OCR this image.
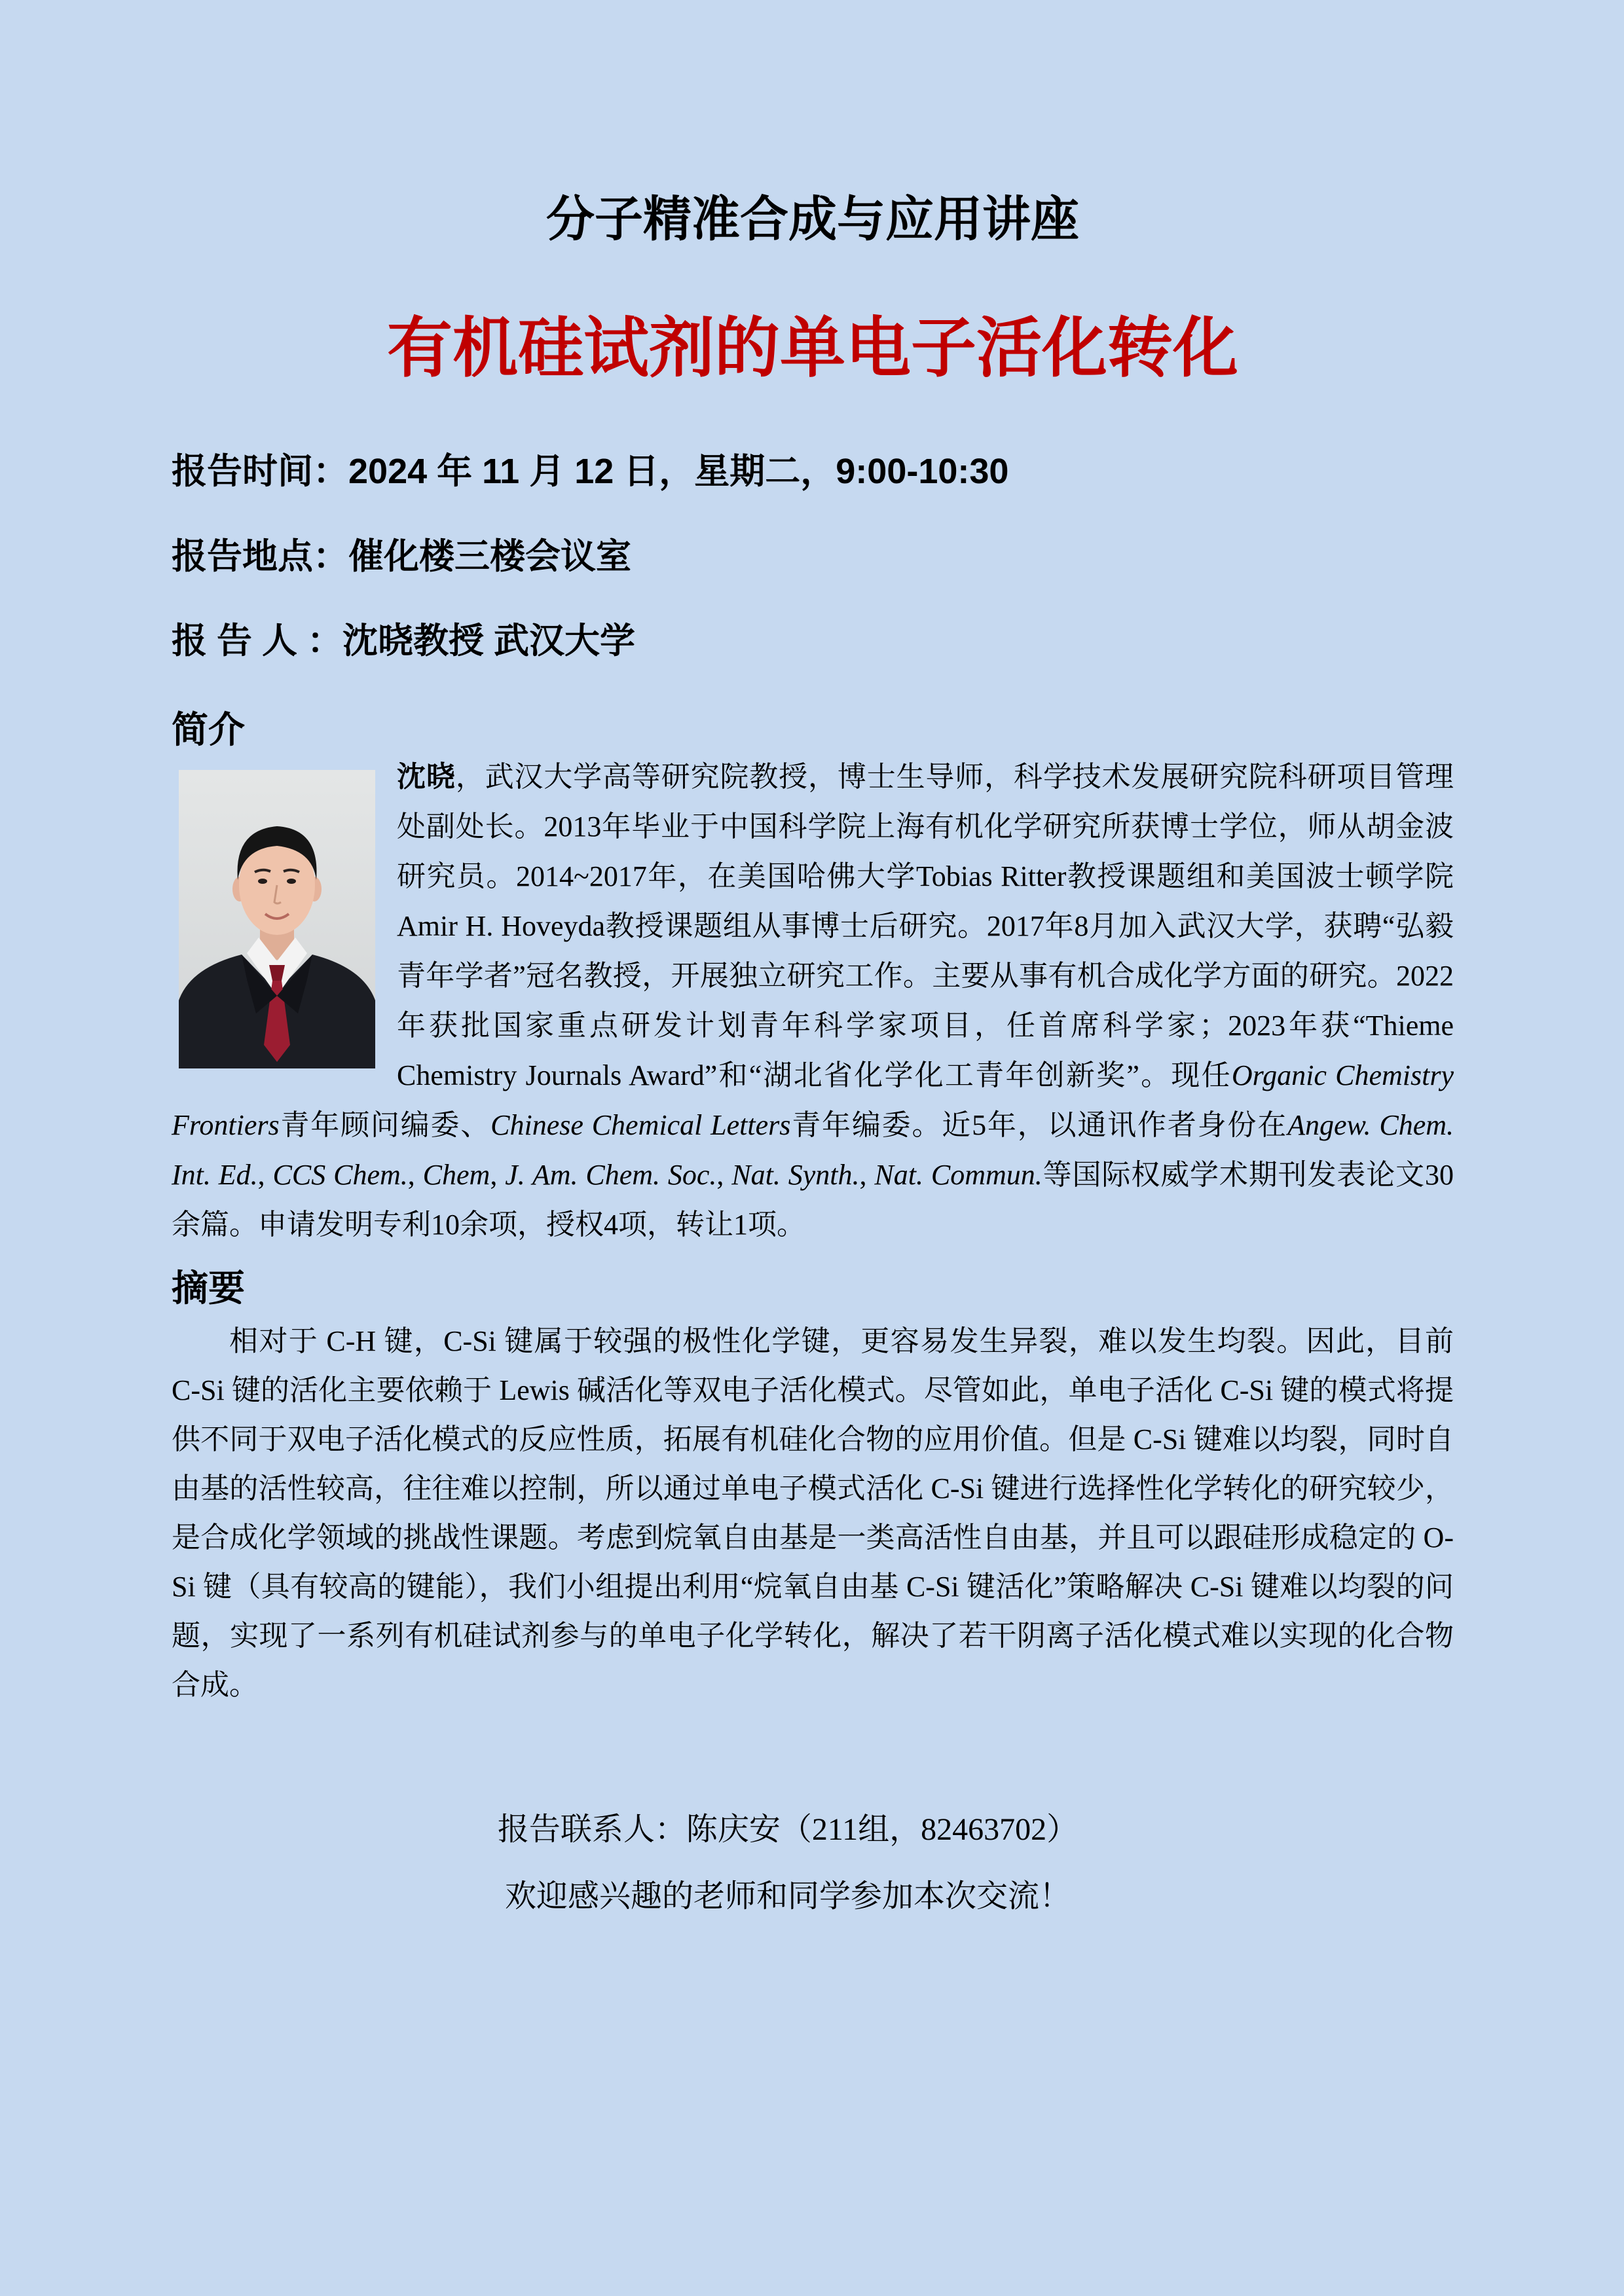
分子精准合成与应用讲座
有机硅试剂的单电子活化转化

报告时间：2024 年 11 月 12 日，星期二，9:00-10:30

报告地点：催化楼三楼会议室

报 告 人 ：沈晓教授 武汉大学

简介
沈晓，武汉大学高等研究院教授，博士生导师，科学技术发展研究院科研项目管理处副处长。2013年毕业于中国科学院上海有机化学研究所获博士学位，师从胡金波研究员。2014~2017年，在美国哈佛大学Tobias Ritter教授课题组和美国波士顿学院Amir H. Hoveyda教授课题组从事博士后研究。2017年8月加入武汉大学，获聘“弘毅青年学者”冠名教授，开展独立研究工作。主要从事有机合成化学方面的研究。2022年获批国家重点研发计划青年科学家项目，任首席科学家；2023年获“Thieme Chemistry Journals Award”和“湖北省化学化工青年创新奖”。现任Organic Chemistry Frontiers青年顾问编委、Chinese Chemical Letters青年编委。近5年，以通讯作者身份在Angew. Chem. Int. Ed., CCS Chem., Chem, J. Am. Chem. Soc., Nat. Synth., Nat. Commun.等国际权威学术期刊发表论文30余篇。申请发明专利10余项，授权4项，转让1项。
摘要

相对于 C-H 键，C-Si 键属于较强的极性化学键，更容易发生异裂，难以发生均裂。因此，目前 C-Si 键的活化主要依赖于 Lewis 碱活化等双电子活化模式。尽管如此，单电子活化 C-Si 键的模式将提供不同于双电子活化模式的反应性质，拓展有机硅化合物的应用价值。但是 C-Si 键难以均裂，同时自由基的活性较高，往往难以控制，所以通过单电子模式活化 C-Si 键进行选择性化学转化的研究较少，是合成化学领域的挑战性课题。考虑到烷氧自由基是一类高活性自由基，并且可以跟硅形成稳定的 O-Si 键（具有较高的键能），我们小组提出利用“烷氧自由基 C-Si 键活化”策略解决 C-Si 键难以均裂的问题，实现了一系列有机硅试剂参与的单电子化学转化，解决了若干阴离子活化模式难以实现的化合物合成。

报告联系人：陈庆安（211组，82463702）

欢迎感兴趣的老师和同学参加本次交流！
